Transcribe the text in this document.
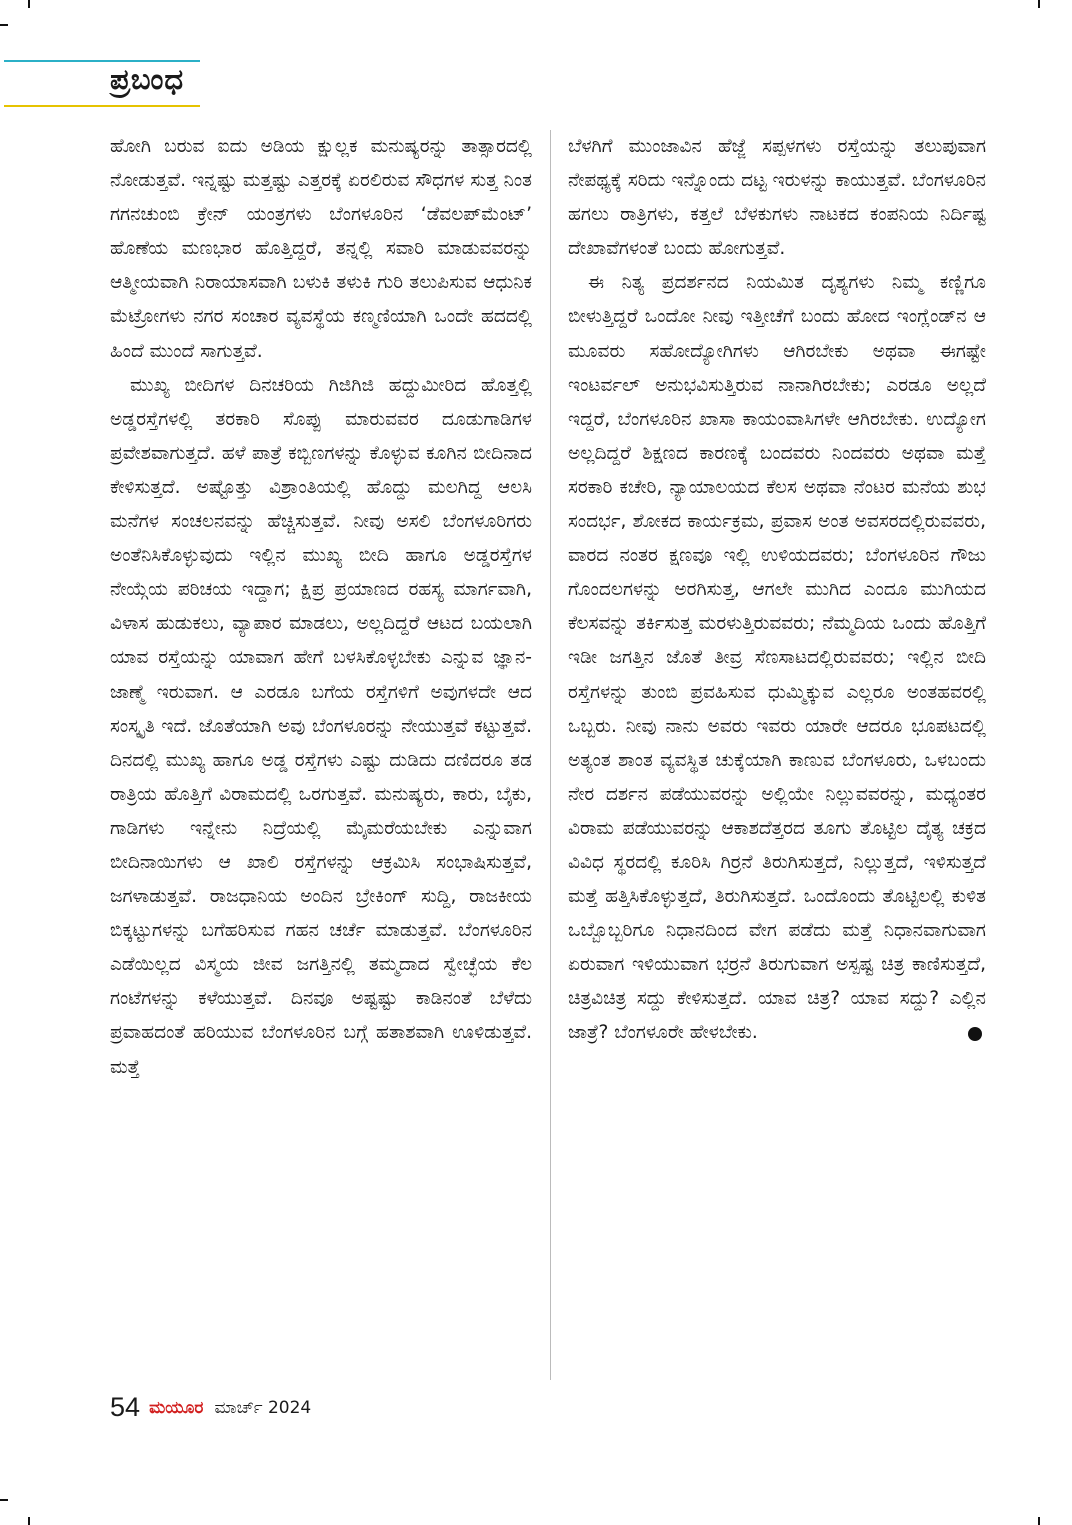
ಪ್ರಬಂಧ

ಹೋಗಿ ಬರುವ ಐದು ಅಡಿಯ ಕ್ಷುಲ್ಲಕ ಮನುಷ್ಯರನ್ನು ತಾತ್ಸಾರದಲ್ಲಿ ನೋಡುತ್ತವೆ. ಇನ್ನಷ್ಟು ಮತ್ತಷ್ಟು ಎತ್ತರಕ್ಕೆ ಏರಲಿರುವ ಸೌಧಗಳ ಸುತ್ತ ನಿಂತ ಗಗನಚುಂಬಿ ಕ್ರೇನ್ ಯಂತ್ರಗಳು ಬೆಂಗಳೂರಿನ ‘ಡೆವಲಪ್‌ಮೆಂಟ್’ ಹೊಣೆಯ ಮಣಭಾರ ಹೊತ್ತಿದ್ದರೆ, ತನ್ನಲ್ಲಿ ಸವಾರಿ ಮಾಡುವವರನ್ನು ಆತ್ಮೀಯವಾಗಿ ನಿರಾಯಾಸವಾಗಿ ಬಳುಕಿ ತಳುಕಿ ಗುರಿ ತಲುಪಿಸುವ ಆಧುನಿಕ ಮೆಟ್ರೋಗಳು ನಗರ ಸಂಚಾರ ವ್ಯವಸ್ಥೆಯ ಕಣ್ಮಣಿಯಾಗಿ ಒಂದೇ ಹದದಲ್ಲಿ ಹಿಂದೆ ಮುಂದೆ ಸಾಗುತ್ತವೆ.

ಮುಖ್ಯ ಬೀದಿಗಳ ದಿನಚರಿಯ ಗಿಜಿಗಿಜಿ ಹದ್ದುಮೀರಿದ ಹೊತ್ತಲ್ಲಿ ಅಡ್ಡರಸ್ತೆಗಳಲ್ಲಿ ತರಕಾರಿ ಸೊಪ್ಪು ಮಾರುವವರ ದೂಡುಗಾಡಿಗಳ ಪ್ರವೇಶವಾಗುತ್ತದೆ. ಹಳೆ ಪಾತ್ರೆ ಕಬ್ಬಿಣಗಳನ್ನು ಕೊಳ್ಳುವ ಕೂಗಿನ ಬೀದಿನಾದ ಕೇಳಿಸುತ್ತದೆ. ಅಷ್ಟೊತ್ತು ವಿಶ್ರಾಂತಿಯಲ್ಲಿ ಹೊದ್ದು ಮಲಗಿದ್ದ ಆಲಸಿ ಮನೆಗಳ ಸಂಚಲನವನ್ನು ಹೆಚ್ಚಿಸುತ್ತವೆ. ನೀವು ಅಸಲಿ ಬೆಂಗಳೂರಿಗರು ಅಂತೆನಿಸಿಕೊಳ್ಳುವುದು ಇಲ್ಲಿನ ಮುಖ್ಯ ಬೀದಿ ಹಾಗೂ ಅಡ್ಡರಸ್ತೆಗಳ ನೇಯ್ಗೆಯ ಪರಿಚಯ ಇದ್ದಾಗ; ಕ್ಷಿಪ್ರ ಪ್ರಯಾಣದ ರಹಸ್ಯ ಮಾರ್ಗವಾಗಿ, ವಿಳಾಸ ಹುಡುಕಲು, ವ್ಯಾಪಾರ ಮಾಡಲು, ಅಲ್ಲದಿದ್ದರೆ ಆಟದ ಬಯಲಾಗಿ ಯಾವ ರಸ್ತೆಯನ್ನು ಯಾವಾಗ ಹೇಗೆ ಬಳಸಿಕೊಳ್ಳಬೇಕು ಎನ್ನುವ ಜ್ಞಾನ-ಜಾಣ್ಮೆ ಇರುವಾಗ. ಆ ಎರಡೂ ಬಗೆಯ ರಸ್ತೆಗಳಿಗೆ ಅವುಗಳದೇ ಆದ ಸಂಸ್ಕೃತಿ ಇದೆ. ಜೊತೆಯಾಗಿ ಅವು ಬೆಂಗಳೂರನ್ನು ನೇಯುತ್ತವೆ ಕಟ್ಟುತ್ತವೆ. ದಿನದಲ್ಲಿ ಮುಖ್ಯ ಹಾಗೂ ಅಡ್ಡ ರಸ್ತೆಗಳು ಎಷ್ಟು ದುಡಿದು ದಣಿದರೂ ತಡ ರಾತ್ರಿಯ ಹೊತ್ತಿಗೆ ವಿರಾಮದಲ್ಲಿ ಒರಗುತ್ತವೆ. ಮನುಷ್ಯರು, ಕಾರು, ಬೈಕು, ಗಾಡಿಗಳು ಇನ್ನೇನು ನಿದ್ರೆಯಲ್ಲಿ ಮೈಮರೆಯಬೇಕು ಎನ್ನುವಾಗ ಬೀದಿನಾಯಿಗಳು ಆ ಖಾಲಿ ರಸ್ತೆಗಳನ್ನು ಆಕ್ರಮಿಸಿ ಸಂಭಾಷಿಸುತ್ತವೆ, ಜಗಳಾಡುತ್ತವೆ. ರಾಜಧಾನಿಯ ಅಂದಿನ ಬ್ರೇಕಿಂಗ್ ಸುದ್ದಿ, ರಾಜಕೀಯ ಬಿಕ್ಕಟ್ಟುಗಳನ್ನು ಬಗೆಹರಿಸುವ ಗಹನ ಚರ್ಚೆ ಮಾಡುತ್ತವೆ. ಬೆಂಗಳೂರಿನ ಎಡೆಯಿಲ್ಲದ ವಿಸ್ಮಯ ಜೀವ ಜಗತ್ತಿನಲ್ಲಿ ತಮ್ಮದಾದ ಸ್ವೇಚ್ಛೆಯ ಕೆಲ ಗಂಟೆಗಳನ್ನು ಕಳೆಯುತ್ತವೆ. ದಿನವೂ ಅಷ್ಟಷ್ಟು ಕಾಡಿನಂತೆ ಬೆಳೆದು ಪ್ರವಾಹದಂತೆ ಹರಿಯುವ ಬೆಂಗಳೂರಿನ ಬಗ್ಗೆ ಹತಾಶವಾಗಿ ಊಳಿಡುತ್ತವೆ. ಮತ್ತೆ

ಬೆಳಗಿಗೆ ಮುಂಜಾವಿನ ಹೆಜ್ಜೆ ಸಪ್ಪಳಗಳು ರಸ್ತೆಯನ್ನು ತಲುಪುವಾಗ ನೇಪಥ್ಯಕ್ಕೆ ಸರಿದು ಇನ್ನೊಂದು ದಟ್ಟ ಇರುಳನ್ನು ಕಾಯುತ್ತವೆ. ಬೆಂಗಳೂರಿನ ಹಗಲು ರಾತ್ರಿಗಳು, ಕತ್ತಲೆ ಬೆಳಕುಗಳು ನಾಟಕದ ಕಂಪನಿಯ ನಿರ್ದಿಷ್ಟ ದೇಖಾವೆಗಳಂತೆ ಬಂದು ಹೋಗುತ್ತವೆ.

ಈ ನಿತ್ಯ ಪ್ರದರ್ಶನದ ನಿಯಮಿತ ದೃಶ್ಯಗಳು ನಿಮ್ಮ ಕಣ್ಣಿಗೂ ಬೀಳುತ್ತಿದ್ದರೆ ಒಂದೋ ನೀವು ಇತ್ತೀಚೆಗೆ ಬಂದು ಹೋದ ಇಂಗ್ಲೆಂಡ್‌ನ ಆ ಮೂವರು ಸಹೋದ್ಯೋಗಿಗಳು ಆಗಿರಬೇಕು ಅಥವಾ ಈಗಷ್ಟೇ ಇಂಟರ್ವಲ್ ಅನುಭವಿಸುತ್ತಿರುವ ನಾನಾಗಿರಬೇಕು; ಎರಡೂ ಅಲ್ಲದೆ ಇದ್ದರೆ, ಬೆಂಗಳೂರಿನ ಖಾಸಾ ಕಾಯಂವಾಸಿಗಳೇ ಆಗಿರಬೇಕು. ಉದ್ಯೋಗ ಅಲ್ಲದಿದ್ದರೆ ಶಿಕ್ಷಣದ ಕಾರಣಕ್ಕೆ ಬಂದವರು ನಿಂದವರು ಅಥವಾ ಮತ್ತೆ ಸರಕಾರಿ ಕಚೇರಿ, ನ್ಯಾಯಾಲಯದ ಕೆಲಸ ಅಥವಾ ನೆಂಟರ ಮನೆಯ ಶುಭ ಸಂದರ್ಭ, ಶೋಕದ ಕಾರ್ಯಕ್ರಮ, ಪ್ರವಾಸ ಅಂತ ಅವಸರದಲ್ಲಿರುವವರು, ವಾರದ ನಂತರ ಕ್ಷಣವೂ ಇಲ್ಲಿ ಉಳಿಯದವರು; ಬೆಂಗಳೂರಿನ ಗೌಜು ಗೊಂದಲಗಳನ್ನು ಅರಗಿಸುತ್ತ, ಆಗಲೇ ಮುಗಿದ ಎಂದೂ ಮುಗಿಯದ ಕೆಲಸವನ್ನು ತರ್ಕಿಸುತ್ತ ಮರಳುತ್ತಿರುವವರು; ನೆಮ್ಮದಿಯ ಒಂದು ಹೊತ್ತಿಗೆ ಇಡೀ ಜಗತ್ತಿನ ಜೊತೆ ತೀವ್ರ ಸೆಣಸಾಟದಲ್ಲಿರುವವರು; ಇಲ್ಲಿನ ಬೀದಿ ರಸ್ತೆಗಳನ್ನು ತುಂಬಿ ಪ್ರವಹಿಸುವ ಧುಮ್ಮಿಕ್ಕುವ ಎಲ್ಲರೂ ಅಂತಹವರಲ್ಲಿ ಒಬ್ಬರು. ನೀವು ನಾನು ಅವರು ಇವರು ಯಾರೇ ಆದರೂ ಭೂಪಟದಲ್ಲಿ ಅತ್ಯಂತ ಶಾಂತ ವ್ಯವಸ್ಥಿತ ಚುಕ್ಕೆಯಾಗಿ ಕಾಣುವ ಬೆಂಗಳೂರು, ಒಳಬಂದು ನೇರ ದರ್ಶನ ಪಡೆಯುವರನ್ನು ಅಲ್ಲಿಯೇ ನಿಲ್ಲುವವರನ್ನು, ಮಧ್ಯಂತರ ವಿರಾಮ ಪಡೆಯುವರನ್ನು ಆಕಾಶದೆತ್ತರದ ತೂಗು ತೊಟ್ಟಿಲ ದೈತ್ಯ ಚಕ್ರದ ವಿವಿಧ ಸ್ಥರದಲ್ಲಿ ಕೂರಿಸಿ ಗಿರ್ರನೆ ತಿರುಗಿಸುತ್ತದೆ, ನಿಲ್ಲುತ್ತದೆ, ಇಳಿಸುತ್ತದೆ ಮತ್ತೆ ಹತ್ತಿಸಿಕೊಳ್ಳುತ್ತದೆ, ತಿರುಗಿಸುತ್ತದೆ. ಒಂದೊಂದು ತೊಟ್ಟಿಲಲ್ಲಿ ಕುಳಿತ ಒಬ್ಬೊಬ್ಬರಿಗೂ ನಿಧಾನದಿಂದ ವೇಗ ಪಡೆದು ಮತ್ತೆ ನಿಧಾನವಾಗುವಾಗ ಏರುವಾಗ ಇಳಿಯುವಾಗ ಭರ್ರನೆ ತಿರುಗುವಾಗ ಅಸ್ಪಷ್ಟ ಚಿತ್ರ ಕಾಣಿಸುತ್ತದೆ, ಚಿತ್ರವಿಚಿತ್ರ ಸದ್ದು ಕೇಳಿಸುತ್ತದೆ. ಯಾವ ಚಿತ್ರ? ಯಾವ ಸದ್ದು? ಎಲ್ಲಿನ ಜಾತ್ರೆ? ಬೆಂಗಳೂರೇ ಹೇಳಬೇಕು.

54 ಮಯೂರ ಮಾರ್ಚ್ 2024
